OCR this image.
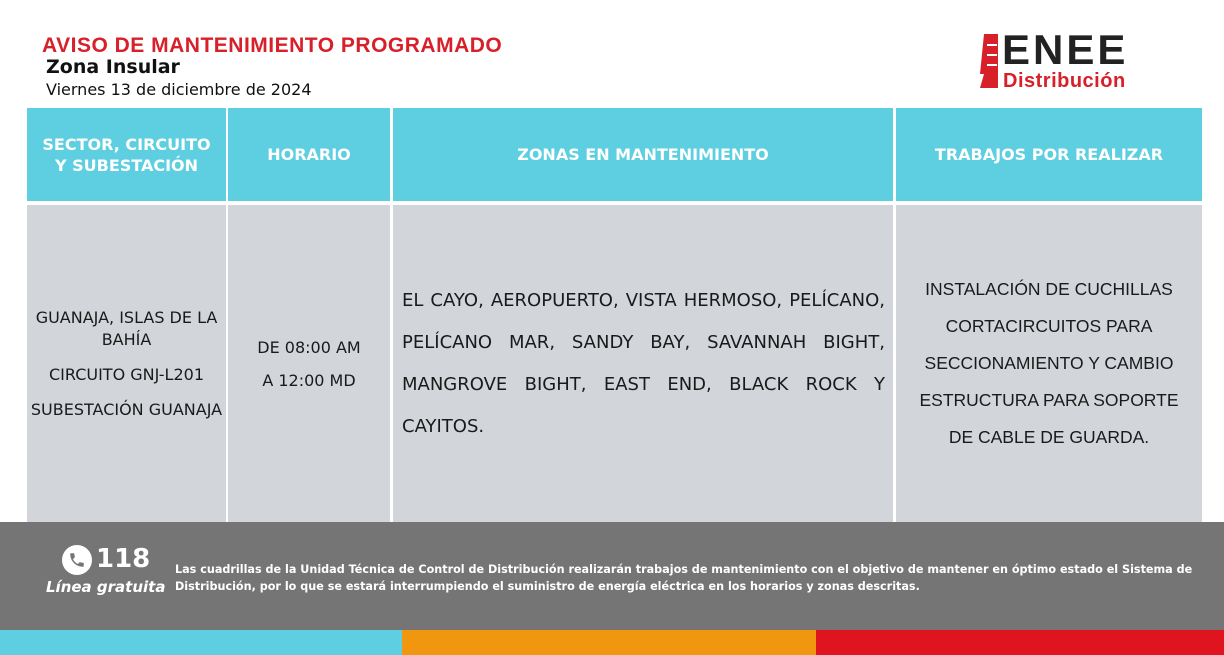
AVISO DE MANTENIMIENTO PROGRAMADO
Zona Insular
Viernes 13 de diciembre de 2024
ENEE
Distribución
SECTOR, CIRCUITO Y SUBESTACIÓN
HORARIO	ZONAS EN MANTENIMIENTO	TRABAJOS POR REALIZAR

GUANAJA, ISLAS DE LA BAHÍA

CIRCUITO GNJ-L201

SUBESTACIÓN GUANAJA

DE 08:00 AM
A 12:00 MD
EL CAYO, AEROPUERTO, VISTA HERMOSO, PELÍCANO, PELÍCANO MAR, SANDY BAY, SAVANNAH BIGHT, MANGROVE BIGHT, EAST END, BLACK ROCK Y CAYITOS.
INSTALACIÓN DE CUCHILLAS CORTACIRCUITOS PARA SECCIONAMIENTO Y CAMBIO ESTRUCTURA PARA SOPORTE DE CABLE DE GUARDA.
118
Línea gratuita
Las cuadrillas de la Unidad Técnica de Control de Distribución realizarán trabajos de mantenimiento con el objetivo de mantener en óptimo estado el Sistema de Distribución, por lo que se estará interrumpiendo el suministro de energía eléctrica en los horarios y zonas descritas.
